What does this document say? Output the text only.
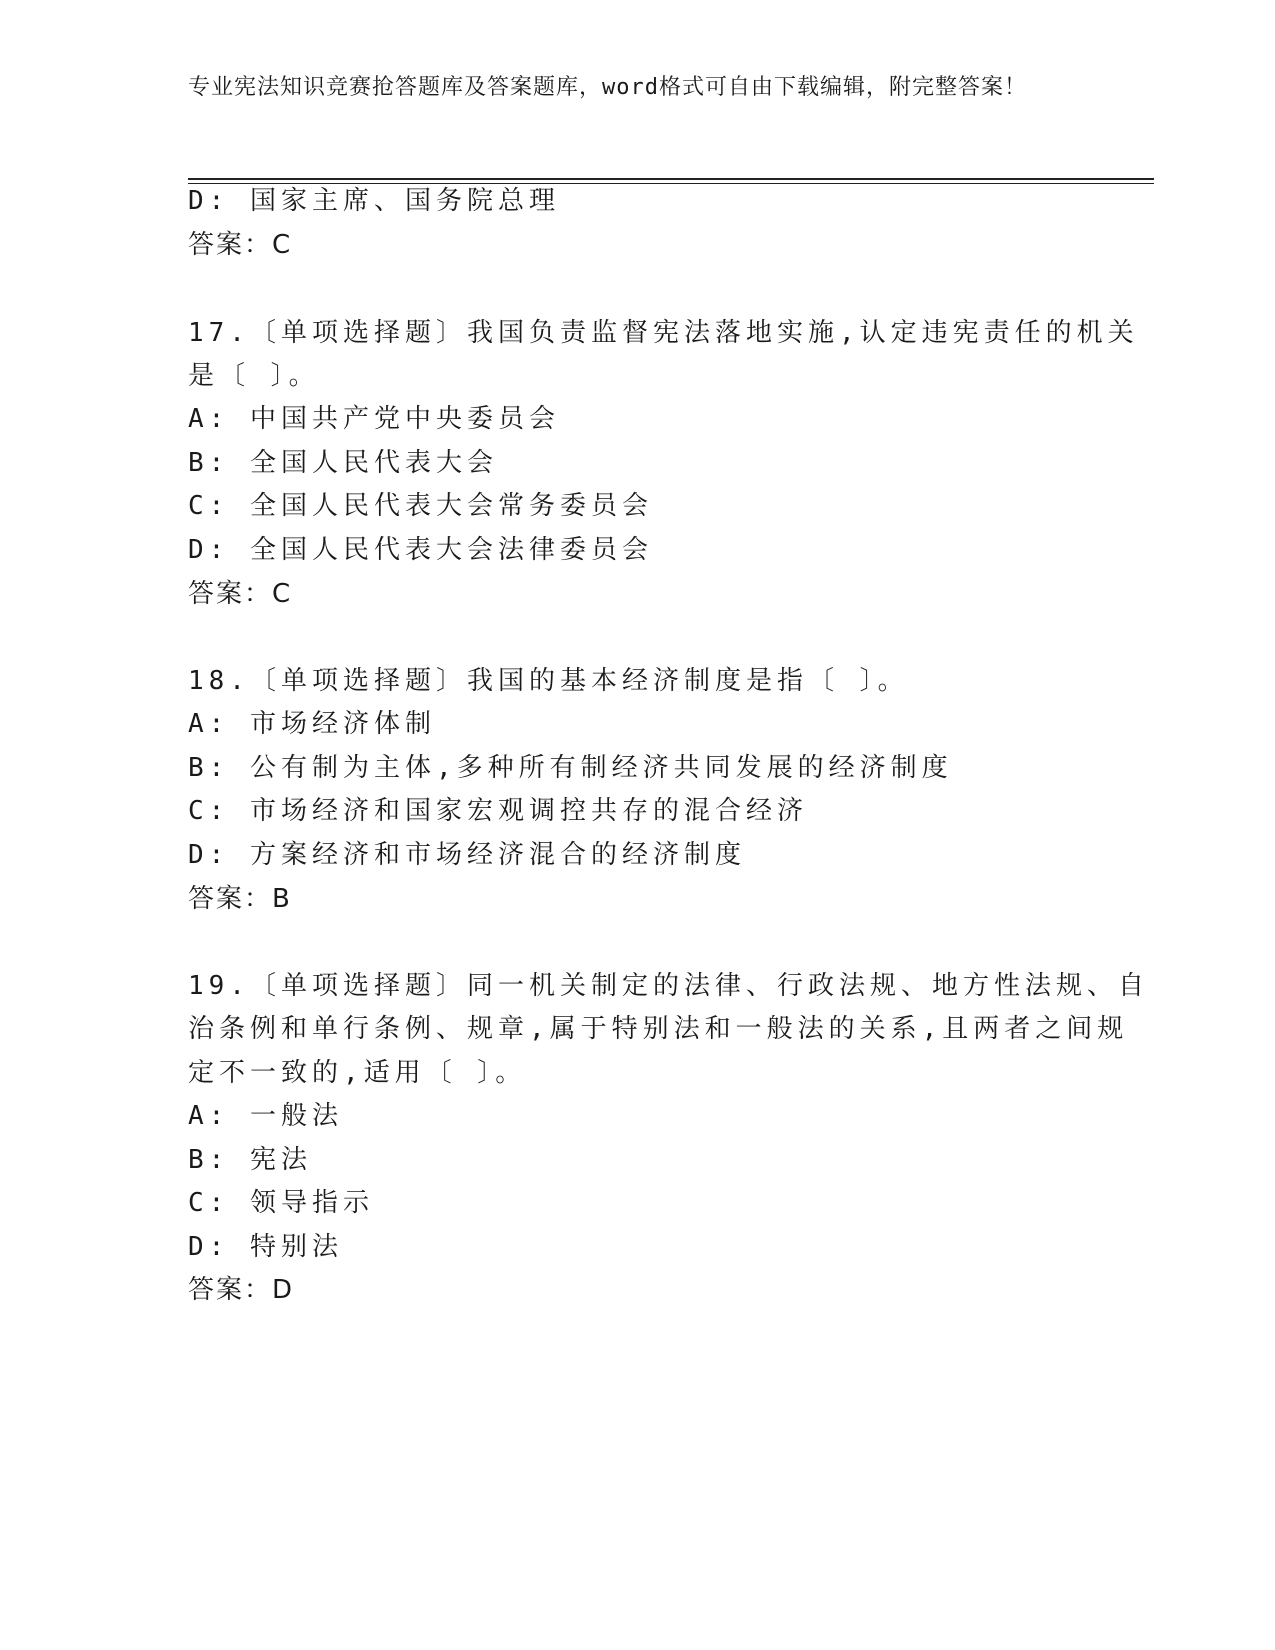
专业宪法知识竞赛抢答题库及答案题库，word格式可自由下载编辑，附完整答案！
D: 国家主席、国务院总理
答案：C
17.〔单项选择题〕我国负责监督宪法落地实施,认定违宪责任的机关
是〔 〕。
A: 中国共产党中央委员会
B: 全国人民代表大会
C: 全国人民代表大会常务委员会
D: 全国人民代表大会法律委员会
答案：C
18.〔单项选择题〕我国的基本经济制度是指〔 〕。
A: 市场经济体制
B: 公有制为主体,多种所有制经济共同发展的经济制度
C: 市场经济和国家宏观调控共存的混合经济
D: 方案经济和市场经济混合的经济制度
答案：B
19.〔单项选择题〕同一机关制定的法律、行政法规、地方性法规、自
治条例和单行条例、规章,属于特别法和一般法的关系,且两者之间规
定不一致的,适用〔 〕。
A: 一般法
B: 宪法
C: 领导指示
D: 特别法
答案：D
